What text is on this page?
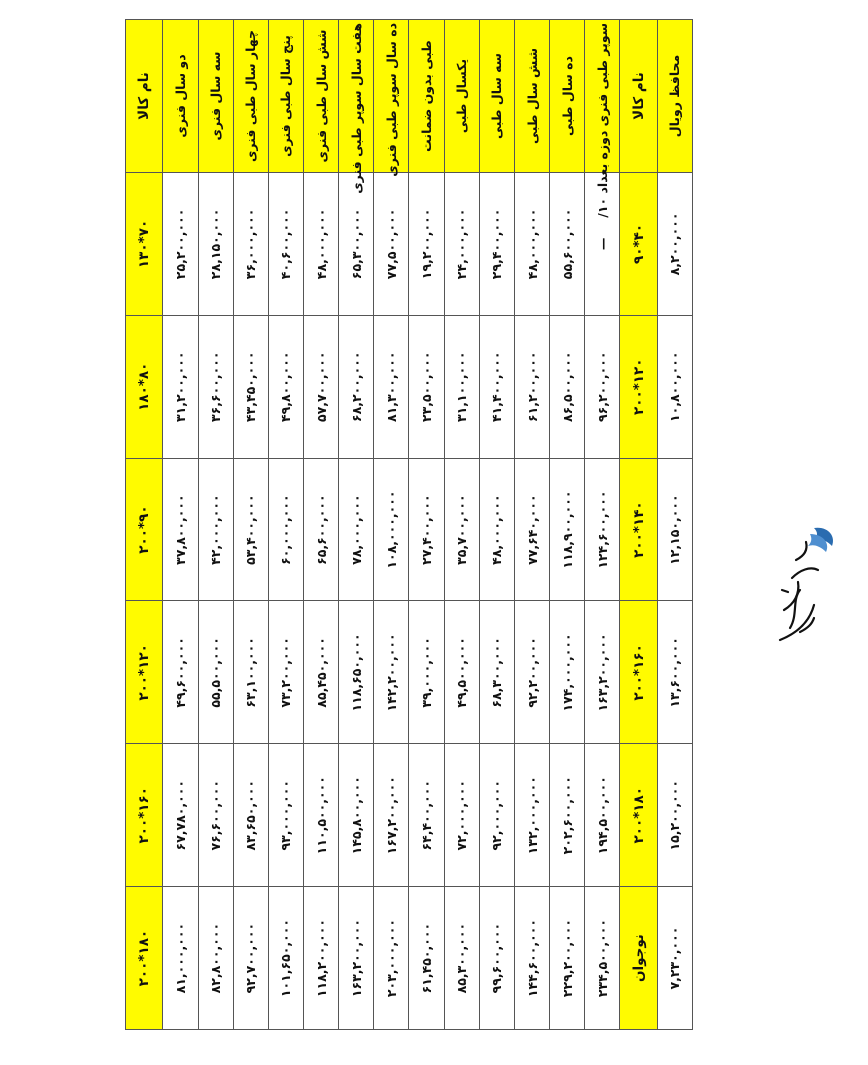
نام کالا	۷۰*۱۳۰	۸۰*۱۸۰	۹۰*۲۰۰	۱۲۰*۲۰۰	۱۶۰*۲۰۰	۱۸۰*۲۰۰
دو سال فنری	۲۵,۲۰۰,۰۰۰	۳۱,۲۰۰,۰۰۰	۳۷,۸۰۰,۰۰۰	۴۹,۶۰۰,۰۰۰	۶۷,۷۸۰,۰۰۰	۸۱,۰۰۰,۰۰۰
سه سال فنری	۲۸,۱۵۰,۰۰۰	۳۶,۶۰۰,۰۰۰	۴۲,۰۰۰,۰۰۰	۵۵,۵۰۰,۰۰۰	۷۶,۶۰۰,۰۰۰	۸۲,۸۰۰,۰۰۰
چهار سال طبی فنری	۳۶,۰۰۰,۰۰۰	۴۳,۴۵۰,۰۰۰	۵۳,۴۰۰,۰۰۰	۶۳,۱۰۰,۰۰۰	۸۳,۶۵۰,۰۰۰	۹۲,۷۰۰,۰۰۰
پنج سال طبی فنری	۴۰,۶۰۰,۰۰۰	۴۹,۸۰۰,۰۰۰	۶۰,۰۰۰,۰۰۰	۷۳,۲۰۰,۰۰۰	۹۳,۰۰۰,۰۰۰	۱۰۱,۶۵۰,۰۰۰
شش سال طبی فنری	۴۸,۰۰۰,۰۰۰	۵۷,۷۰۰,۰۰۰	۶۵,۶۰۰,۰۰۰	۸۵,۴۵۰,۰۰۰	۱۱۰,۵۰۰,۰۰۰	۱۱۸,۲۰۰,۰۰۰
هفت سال سوپر طبی فنری	۶۵,۳۰۰,۰۰۰	۶۸,۲۰۰,۰۰۰	۷۸,۰۰۰,۰۰۰	۱۱۸,۶۵۰,۰۰۰	۱۴۵,۸۰۰,۰۰۰	۱۶۳,۲۰۰,۰۰۰
ده سال سوپر طبی فنری	۷۷,۵۰۰,۰۰۰	۸۱,۳۰۰,۰۰۰	۱۰۸,۰۰۰,۰۰۰	۱۴۲,۲۰۰,۰۰۰	۱۶۷,۲۰۰,۰۰۰	۲۰۳,۰۰۰,۰۰۰
طبی بدون ضمانت	۱۹,۲۰۰,۰۰۰	۲۳,۵۰۰,۰۰۰	۲۷,۴۰۰,۰۰۰	۳۹,۰۰۰,۰۰۰	۶۴,۴۰۰,۰۰۰	۶۱,۴۵۰,۰۰۰
یکسال طبی	۲۴,۰۰۰,۰۰۰	۳۱,۱۰۰,۰۰۰	۳۵,۷۰۰,۰۰۰	۴۹,۵۰۰,۰۰۰	۷۲,۰۰۰,۰۰۰	۸۵,۳۰۰,۰۰۰
سه سال طبی	۲۹,۴۰۰,۰۰۰	۴۱,۴۰۰,۰۰۰	۴۸,۰۰۰,۰۰۰	۶۸,۳۰۰,۰۰۰	۹۲,۰۰۰,۰۰۰	۹۹,۶۰۰,۰۰۰
شش سال طبی	۴۸,۰۰۰,۰۰۰	۶۱,۲۰۰,۰۰۰	۷۷,۶۴۰,۰۰۰	۹۲,۲۰۰,۰۰۰	۱۳۲,۰۰۰,۰۰۰	۱۴۴,۶۰۰,۰۰۰
ده سال طبی	۵۵,۶۰۰,۰۰۰	۸۶,۵۰۰,۰۰۰	۱۱۸,۹۰۰,۰۰۰	۱۷۴,۰۰۰,۰۰۰	۲۰۲,۶۰۰,۰۰۰	۲۲۹,۲۰۰,۰۰۰
سوپر طبی فنری دوزه بعداد ۱۰/	—	۹۶,۲۰۰,۰۰۰	۱۲۴,۶۰۰,۰۰۰	۱۶۳,۲۰۰,۰۰۰	۱۹۴,۵۰۰,۰۰۰	۲۳۴,۵۰۰,۰۰۰
نام کالا	۴۰*۹۰	۱۲۰*۲۰۰	۱۴۰*۲۰۰	۱۶۰*۲۰۰	۱۸۰*۲۰۰	نوجوان
محافظ رویال	۸,۲۰۰,۰۰۰	۱۰,۸۰۰,۰۰۰	۱۲,۱۵۰,۰۰۰	۱۳,۶۰۰,۰۰۰	۱۵,۲۰۰,۰۰۰	۷,۲۳۰,۰۰۰
